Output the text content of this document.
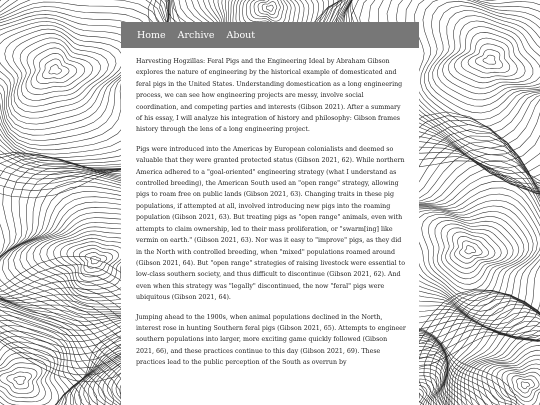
Home Archive About

Harvesting Hogzillas: Feral Pigs and the Engineering Ideal by Abraham Gibson explores the nature of engineering by the historical example of domesticated and feral pigs in the United States. Understanding domestication as a long engineering process, we can see how engineering projects are messy, involve social coordination, and competing parties and interests (Gibson 2021). After a summary of his essay, I will analyze his integration of history and philosophy: Gibson frames history through the lens of a long engineering project.

Pigs were introduced into the Americas by European colonialists and deemed so valuable that they were granted protected status (Gibson 2021, 62). While northern America adhered to a "goal-oriented" engineering strategy (what I understand as controlled breeding), the American South used an "open range" strategy, allowing pigs to roam free on public lands (Gibson 2021, 63). Changing traits in these pig populations, if attempted at all, involved introducing new pigs into the roaming population (Gibson 2021, 63). But treating pigs as "open range" animals, even with attempts to claim ownership, led to their mass proliferation, or "swarm[ing] like vermin on earth." (Gibson 2021, 63). Nor was it easy to "improve" pigs, as they did in the North with controlled breeding, when "mixed" populations roamed around (Gibson 2021, 64). But "open range" strategies of raising livestock were essential to low-class southern society, and thus difficult to discontinue (Gibson 2021, 62). And even when this strategy was "legally" discontinued, the now "feral" pigs were ubiquitous (Gibson 2021, 64).

Jumping ahead to the 1900s, when animal populations declined in the North, interest rose in hunting Southern feral pigs (Gibson 2021, 65). Attempts to engineer southern populations into larger, more exciting game quickly followed (Gibson 2021, 66), and these practices continue to this day (Gibson 2021, 69). These practices lead to the public perception of the South as overrun by
